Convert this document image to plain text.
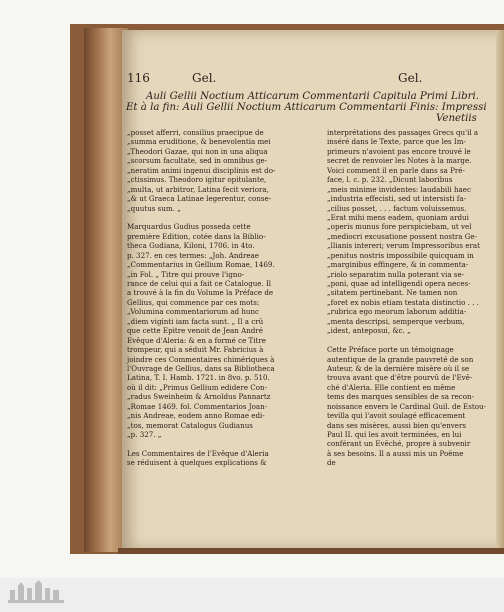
116	Gel.	Gel.
Auli Gellii Noctium Atticarum Commentarii Capitula Primi Libri.
Et à la fin: Auli Gellii Noctium Atticarum Commentarii Finis: Impressi
Venetiis
„posset afferri, consilius praecipue de
„summa eruditione, & benevolentia mei
„Theodori Gazae, qui non in una aliqua
„scorsum facultate, sed in omnibus ge-
„neratim animi ingenui disciplinis est do-
„ctissimus. Theodoro igitur opitulante,
„multa, ut arbitror, Latina fecit veriora,
„& ut Graeca Latinae legerentur, conse-
„quutus sum. „
Marquardus Gudius posseda cette
première Edition, cotée dans la Biblio-
theca Gudiana, Kiloni, 1706. in 4to.
p. 327. en ces termes: „Joh. Andreae
„Commentarius in Gellium Romae, 1469.
„in Fol. „ Titre qui prouve l'igno-
rance de celui qui a fait ce Catalogue. Il
a trouvé à la fin du Volume la Préface de
Gellius, qui commence par ces mots:
„Volumina commentariorum ad hunc
„diem viginti iam facta sunt. „ Il a crû
que cette Epitre venoit de Jean André
Evêque d'Aleria: & en a formé ce Titre
trompeur, qui a séduit Mr. Fabricius à
joindre ces Commentaires chimériques à
l'Ouvrage de Gellius, dans sa Bibliotheca
Latina, T. I. Hamb. 1721. in 8vo. p. 510.
où il dit: „Primus Gellium edidere Con-
„radus Sweinheim & Arnoldus Pannartz
„Romae 1469. fol. Commentarios Joan-
„nis Andreae, eodem anno Romae edi-
„tos, memorat Catalogus Gudianus
„p. 327. „
Les Commentaires de l'Evêque d'Aleria
se réduisent à quelques explications &
interprétations des passages Grecs qu'il a
inséré dans le Texte, parce que les Im-
primeurs n'avoient pas encore trouvé le
secret de renvoier les Notes à la marge.
Voici comment il en parle dans sa Pré-
face, l. c. p. 232. „Dicunt laboribus
„meis minime invidentes: laudabili haec
„industria effecisti, sed ut intersisti fa-
„cilius posset, . . . factum voluissemus.
„Erat mihi mens eadem, quoniam ardui
„operis munus fore perspiciebam, ut vel
„mediocri excusatione possent nostra Ge-
„llianis intereri; verum Impressoribus erat
„penitus nostris impossibile quicquam in
„marginibus effingere, & in commenta-
„riolo separatim nulla poterant via se-
„poni, quae ad intelligendi opera neces-
„sitatem pertinebant. Ne tamen non
„foret ex nobis etiam testata distinctio . . .
„rubrica ego meorum laborum additia-
„menta descripsi, semperque verbum,
„idest, anteposui, &c. „
Cette Préface porte un témoignage
autentique de la grande pauvreté de son
Auteur, & de la dernière misère où il se
trouva avant que d'être pourvû de l'Evê-
ché d'Aleria. Elle contient en même
tems des marques sensibles de sa recon-
noissance envers le Cardinal Guil. de Estou-
tevilla qui l'avoit soulagé efficacement
dans ses misères, aussi bien qu'envers
Paul II. qui les avoit terminées, en lui
conférant un Evêché, propre à subvenir
à ses besoins. Il a aussi mis un Poëme
de
